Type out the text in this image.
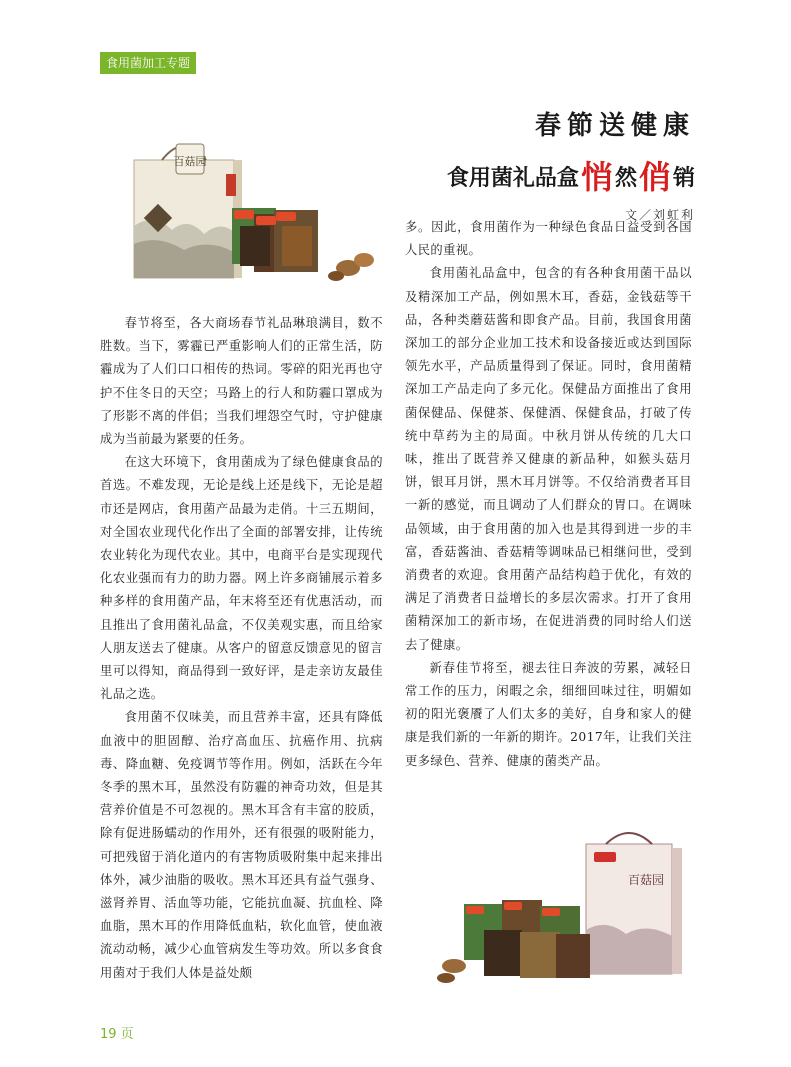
食用菌加工专题
春節送健康
食用菌礼品盒悄然俏销
文／刘虹利
百菇园
百菇园

春节将至，各大商场春节礼品琳琅满目，数不胜数。当下，雾霾已严重影响人们的正常生活，防霾成为了人们口口相传的热词。零碎的阳光再也守护不住冬日的天空；马路上的行人和防霾口罩成为了形影不离的伴侣；当我们埋怨空气时，守护健康成为当前最为紧要的任务。

在这大环境下，食用菌成为了绿色健康食品的首选。不难发现，无论是线上还是线下，无论是超市还是网店，食用菌产品最为走俏。十三五期间，对全国农业现代化作出了全面的部署安排，让传统农业转化为现代农业。其中，电商平台是实现现代化农业强而有力的助力器。网上许多商铺展示着多种多样的食用菌产品，年末将至还有优惠活动，而且推出了食用菌礼品盒，不仅美观实惠，而且给家人朋友送去了健康。从客户的留意反馈意见的留言里可以得知，商品得到一致好评，是走亲访友最佳礼品之选。

食用菌不仅味美，而且营养丰富，还具有降低血液中的胆固醇、治疗高血压、抗癌作用、抗病毒、降血糖、免疫调节等作用。例如，活跃在今年冬季的黑木耳，虽然没有防霾的神奇功效，但是其营养价值是不可忽视的。黑木耳含有丰富的胶质，除有促进肠蠕动的作用外，还有很强的吸附能力，可把残留于消化道内的有害物质吸附集中起来排出体外，减少油脂的吸收。黑木耳还具有益气强身、滋肾养胃、活血等功能，它能抗血凝、抗血栓、降血脂，黑木耳的作用降低血粘，软化血管，使血液流动动畅，减少心血管病发生等功效。所以多食食用菌对于我们人体是益处颇

多。因此，食用菌作为一种绿色食品日益受到各国人民的重视。

食用菌礼品盒中，包含的有各种食用菌干品以及精深加工产品，例如黑木耳，香菇，金钱菇等干品，各种类蘑菇酱和即食产品。目前，我国食用菌深加工的部分企业加工技术和设备接近或达到国际领先水平，产品质量得到了保证。同时，食用菌精深加工产品走向了多元化。保健品方面推出了食用菌保健品、保健茶、保健酒、保健食品，打破了传统中草药为主的局面。中秋月饼从传统的几大口味，推出了既营养又健康的新品种，如猴头菇月饼，银耳月饼，黑木耳月饼等。不仅给消费者耳目一新的感觉，而且调动了人们群众的胃口。在调味品领域，由于食用菌的加入也是其得到进一步的丰富，香菇酱油、香菇精等调味品已相继问世，受到消费者的欢迎。食用菌产品结构趋于优化，有效的满足了消费者日益增长的多层次需求。打开了食用菌精深加工的新市场，在促进消费的同时给人们送去了健康。

新春佳节将至，褪去往日奔波的劳累，减轻日常工作的压力，闲暇之余，细细回味过往，明媚如初的阳光褒餍了人们太多的美好，自身和家人的健康是我们新的一年新的期许。2017年，让我们关注更多绿色、营养、健康的菌类产品。

19 页
